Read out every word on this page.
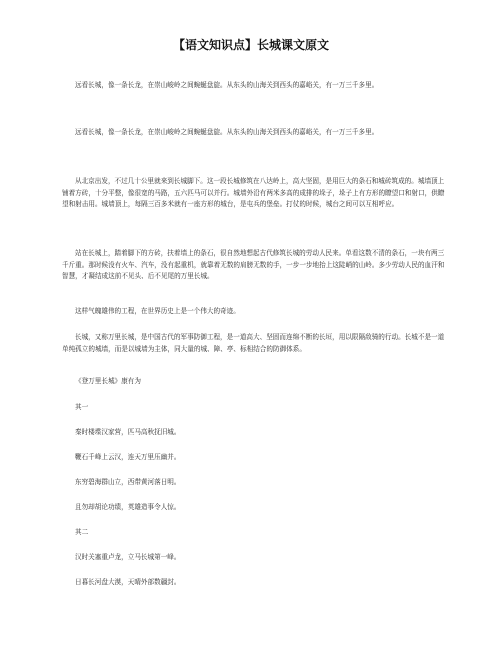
【语文知识点】长城课文原文
远看长城，像一条长龙，在崇山峻岭之间蜿蜒盘旋。从东头的山海关到西头的嘉峪关，有一万三千多里。
远看长城，像一条长龙，在崇山峻岭之间蜿蜒盘旋。从东头的山海关到西头的嘉峪关，有一万三千多里。
从北京出发，不过几十公里就来到长城脚下。这一段长城修筑在八达岭上，高大坚固，是用巨大的条石和城砖筑成的。城墙顶上铺着方砖，十分平整，像很宽的马路，五六匹马可以并行。城墙外沿有两米多高的成排的垛子，垛子上有方形的瞭望口和射口，供瞭望和射击用。城墙顶上，每隔三百多米就有一座方形的城台，是屯兵的堡垒。打仗的时候，城台之间可以互相呼应。
站在长城上，踏着脚下的方砖，扶着墙上的条石，很自然地想起古代修筑长城的劳动人民来。单看这数不清的条石，一块有两三千斤重。那时候没有火车、汽车，没有起重机，就靠着无数的肩膀无数的手，一步一步地抬上这陡峭的山岭。多少劳动人民的血汗和智慧，才凝结成这前不见头、后不见尾的万里长城。
这样气魄雄伟的工程，在世界历史上是一个伟大的奇迹。
长城，又称万里长城，是中国古代的军事防御工程，是一道高大、坚固而连绵不断的长垣，用以限隔敌骑的行动。长城不是一道单纯孤立的城墙，而是以城墙为主体，同大量的城、障、亭、标相结合的防御体系。
《登万里长城》康有为
其一
秦时楼堞汉家营，匹马高秋抚旧城。
鞭石千峰上云汉，连天万里压幽并。
东穷碧海群山立，西带黄河落日明。
且勿却胡论功绩，英雄造事令人惊。
其二
汉时关塞重卢龙，立马长城第一峰。
日暮长河盘大漠，天晴外部数疆封。
